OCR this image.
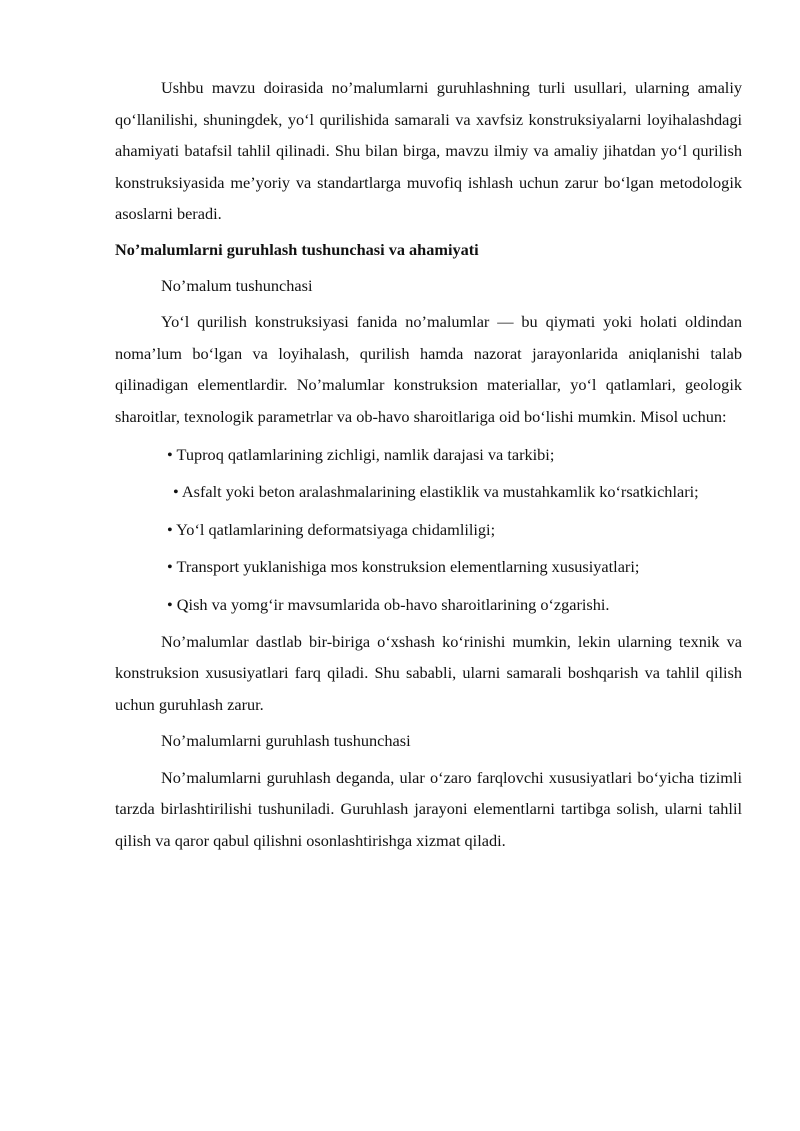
Ushbu mavzu doirasida no’malumlarni guruhlashning turli usullari, ularning amaliy qo‘llanilishi, shuningdek, yo‘l qurilishida samarali va xavfsiz konstruksiyalarni loyihalashdagi ahamiyati batafsil tahlil qilinadi. Shu bilan birga, mavzu ilmiy va amaliy jihatdan yo‘l qurilish konstruksiyasida me’yoriy va standartlarga muvofiq ishlash uchun zarur bo‘lgan metodologik asoslarni beradi.

No’malumlarni guruhlash tushunchasi va ahamiyati

No’malum tushunchasi

Yo‘l qurilish konstruksiyasi fanida no’malumlar — bu qiymati yoki holati oldindan noma’lum bo‘lgan va loyihalash, qurilish hamda nazorat jarayonlarida aniqlanishi talab qilinadigan elementlardir. No’malumlar konstruksion materiallar, yo‘l qatlamlari, geologik sharoitlar, texnologik parametrlar va ob-havo sharoitlariga oid bo‘lishi mumkin. Misol uchun:

• Tuproq qatlamlarining zichligi, namlik darajasi va tarkibi;

• Asfalt yoki beton aralashmalarining elastiklik va mustahkamlik ko‘rsatkichlari;

• Yo‘l qatlamlarining deformatsiyaga chidamliligi;

• Transport yuklanishiga mos konstruksion elementlarning xususiyatlari;

• Qish va yomg‘ir mavsumlarida ob-havo sharoitlarining o‘zgarishi.

No’malumlar dastlab bir-biriga o‘xshash ko‘rinishi mumkin, lekin ularning texnik va konstruksion xususiyatlari farq qiladi. Shu sababli, ularni samarali boshqarish va tahlil qilish uchun guruhlash zarur.

No’malumlarni guruhlash tushunchasi

No’malumlarni guruhlash deganda, ular o‘zaro farqlovchi xususiyatlari bo‘yicha tizimli tarzda birlashtirilishi tushuniladi. Guruhlash jarayoni elementlarni tartibga solish, ularni tahlil qilish va qaror qabul qilishni osonlashtirishga xizmat qiladi.
